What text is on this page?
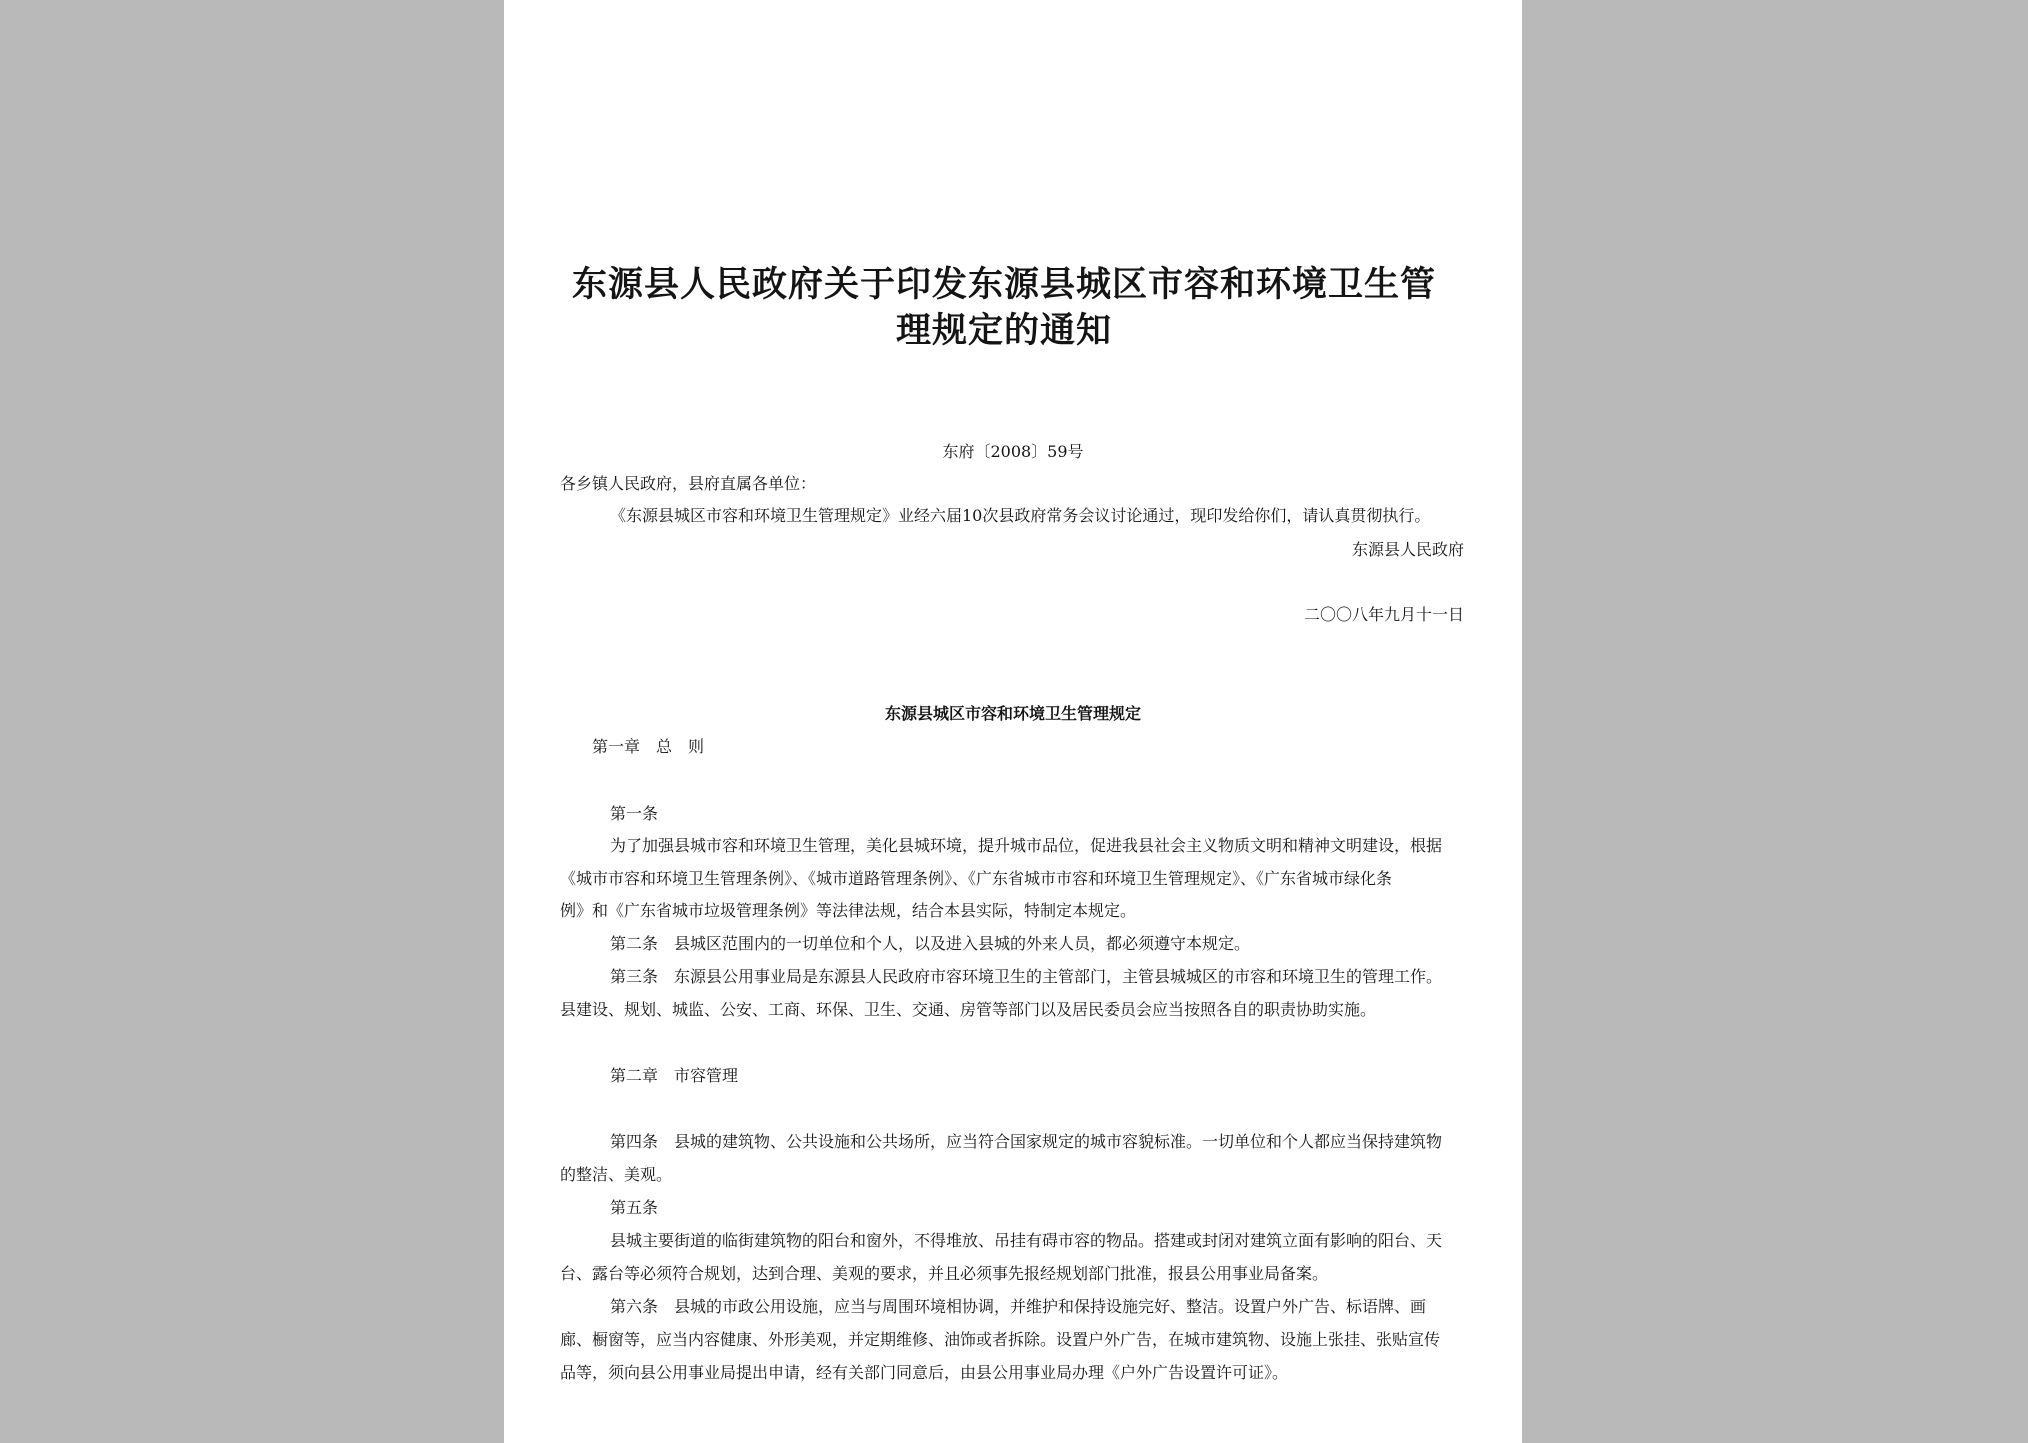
东源县人民政府关于印发东源县城区市容和环境卫生管
理规定的通知
东府〔2008〕59号
各乡镇人民政府，县府直属各单位：
《东源县城区市容和环境卫生管理规定》业经六届10次县政府常务会议讨论通过，现印发给你们，请认真贯彻执行。
东源县人民政府
二〇〇八年九月十一日
东源县城区市容和环境卫生管理规定
第一章　总　则
第一条
为了加强县城市容和环境卫生管理，美化县城环境，提升城市品位，促进我县社会主义物质文明和精神文明建设，根据
《城市市容和环境卫生管理条例》、《城市道路管理条例》、《广东省城市市容和环境卫生管理规定》、《广东省城市绿化条
例》和《广东省城市垃圾管理条例》等法律法规，结合本县实际，特制定本规定。
第二条　县城区范围内的一切单位和个人，以及进入县城的外来人员，都必须遵守本规定。
第三条　东源县公用事业局是东源县人民政府市容环境卫生的主管部门，主管县城城区的市容和环境卫生的管理工作。
县建设、规划、城监、公安、工商、环保、卫生、交通、房管等部门以及居民委员会应当按照各自的职责协助实施。
第二章　市容管理
第四条　县城的建筑物、公共设施和公共场所，应当符合国家规定的城市容貌标准。一切单位和个人都应当保持建筑物
的整洁、美观。
第五条
县城主要街道的临街建筑物的阳台和窗外，不得堆放、吊挂有碍市容的物品。搭建或封闭对建筑立面有影响的阳台、天
台、露台等必须符合规划，达到合理、美观的要求，并且必须事先报经规划部门批准，报县公用事业局备案。
第六条　县城的市政公用设施，应当与周围环境相协调，并维护和保持设施完好、整洁。设置户外广告、标语牌、画
廊、橱窗等，应当内容健康、外形美观，并定期维修、油饰或者拆除。设置户外广告，在城市建筑物、设施上张挂、张贴宣传
品等，须向县公用事业局提出申请，经有关部门同意后，由县公用事业局办理《户外广告设置许可证》。
